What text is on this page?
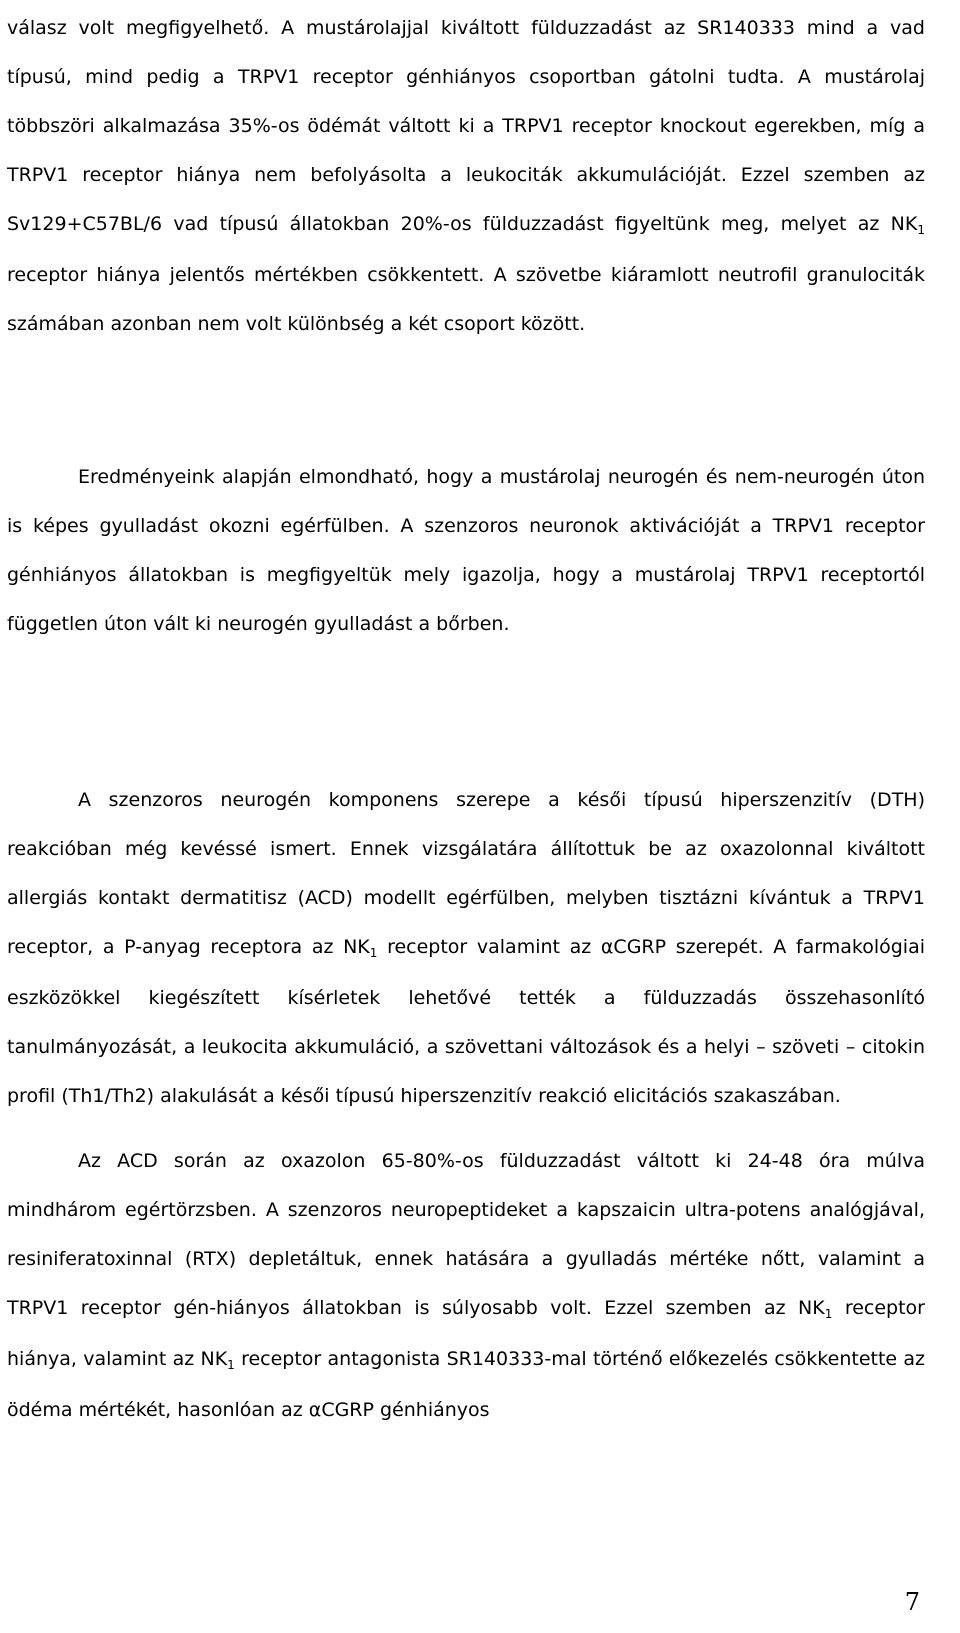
válasz volt megfigyelhető. A mustárolajjal kiváltott fülduzzadást az SR140333 mind a vad típusú, mind pedig a TRPV1 receptor génhiányos csoportban gátolni tudta. A mustárolaj többszöri alkalmazása 35%-os ödémát váltott ki a TRPV1 receptor knockout egerekben, míg a TRPV1 receptor hiánya nem befolyásolta a leukociták akkumulációját. Ezzel szemben az Sv129+C57BL/6 vad típusú állatokban 20%-os fülduzzadást figyeltünk meg, melyet az $NK_1$ receptor hiánya jelentős mértékben csökkentett. A szövetbe kiáramlott neutrofil granulociták számában azonban nem volt különbség a két csoport között.

Eredményeink alapján elmondható, hogy a mustárolaj neurogén és nem-neurogén úton is képes gyulladást okozni egérfülben. A szenzoros neuronok aktivációját a TRPV1 receptor génhiányos állatokban is megfigyeltük mely igazolja, hogy a mustárolaj TRPV1 receptortól független úton vált ki neurogén gyulladást a bőrben.

A szenzoros neurogén komponens szerepe a késői típusú hiperszenzitív (DTH) reakcióban még kevéssé ismert. Ennek vizsgálatára állítottuk be az oxazolonnal kiváltott allergiás kontakt dermatitisz (ACD) modellt egérfülben, melyben tisztázni kívántuk a TRPV1 receptor, a P-anyag receptora az $NK_1$ receptor valamint az αCGRP szerepét. A farmakológiai eszközökkel kiegészített kísérletek lehetővé tették a fülduzzadás összehasonlító tanulmányozását, a leukocita akkumuláció, a szövettani változások és a helyi – szöveti – citokin profil (Th1/Th2) alakulását a késői típusú hiperszenzitív reakció elicitációs szakaszában.

Az ACD során az oxazolon 65-80%-os fülduzzadást váltott ki 24-48 óra múlva mindhárom egértörzsben. A szenzoros neuropeptideket a kapszaicin ultra-potens analógjával, resiniferatoxinnal (RTX) depletáltuk, ennek hatására a gyulladás mértéke nőtt, valamint a TRPV1 receptor gén-hiányos állatokban is súlyosabb volt. Ezzel szemben az $NK_1$ receptor hiánya, valamint az $NK_1$ receptor antagonista SR140333-mal történő előkezelés csökkentette az ödéma mértékét, hasonlóan az αCGRP génhiányos

7
